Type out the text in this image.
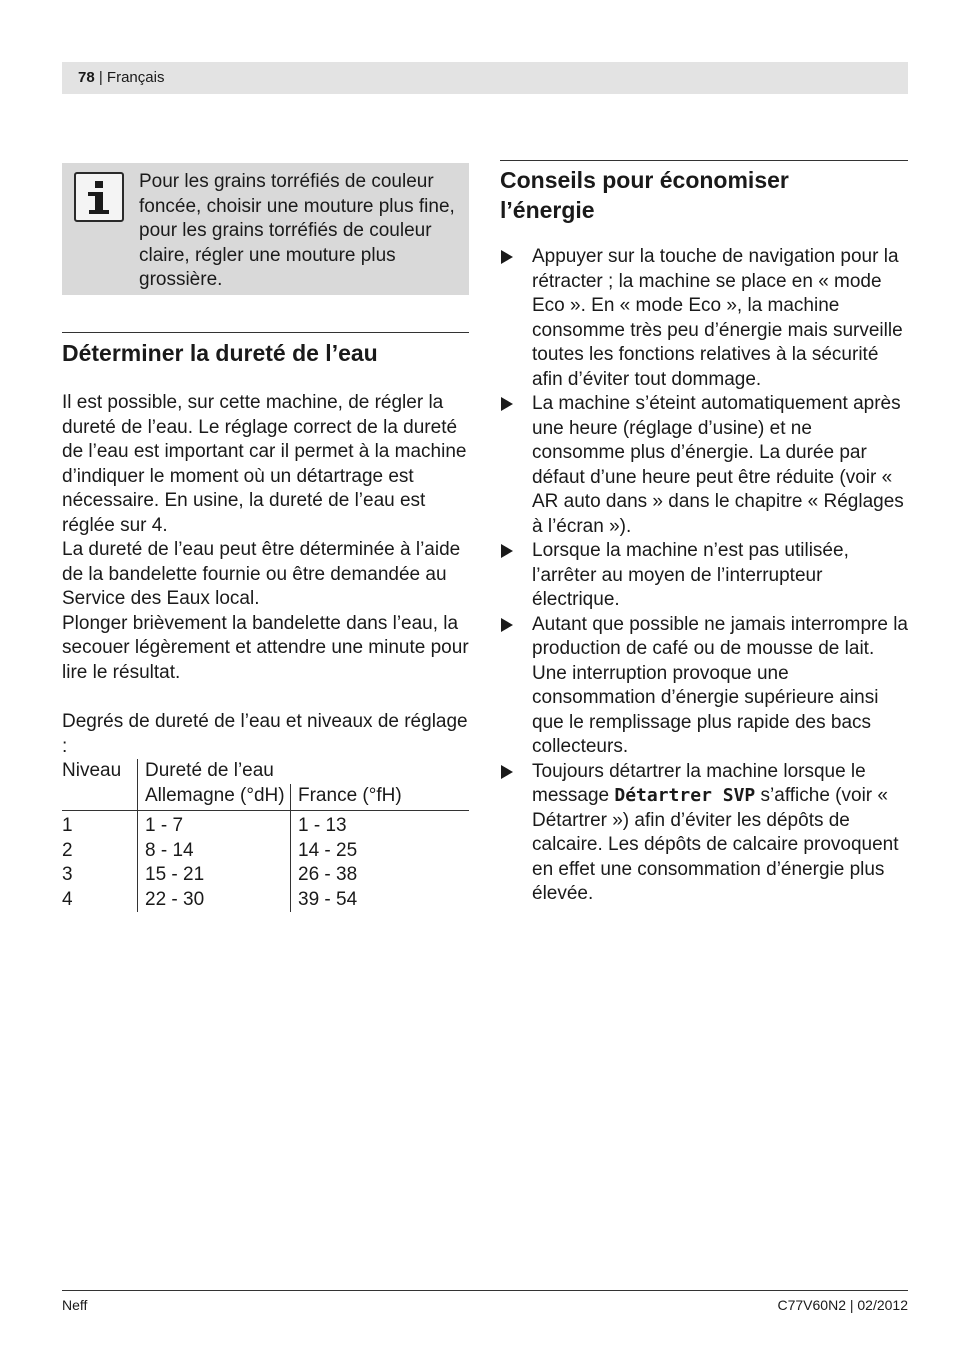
78 | Français
Pour les grains torréfiés de couleur foncée, choisir une mouture plus fine, pour les grains torréfiés de couleur claire, régler une mouture plus grossière.
Déterminer la dureté de l’eau

Il est possible, sur cette machine, de régler la dureté de l’eau. Le réglage correct de la dureté de l’eau est important car il permet à la machine d’indiquer le moment où un détartrage est nécessaire. En usine, la dureté de l’eau est réglée sur 4.

La dureté de l’eau peut être déterminée à l’aide de la bandelette fournie ou être demandée au Service des Eaux local.

Plonger brièvement la bandelette dans l’eau, la secouer légèrement et attendre une minute pour lire le résultat.

Degrés de dureté de l’eau et niveaux de réglage :

Niveau	Dureté de l’eau	
	Allemagne (°dH)	France (°fH)
1	1 - 7	1 - 13
2	8 - 14	14 - 25
3	15 - 21	26 - 38
4	22 - 30	39 - 54
Conseils pour économiser
l’énergie
Appuyer sur la touche de navigation pour la rétracter ; la machine se place en « mode Eco ». En « mode Eco », la machine consomme très peu d’énergie mais surveille toutes les fonctions relatives à la sécurité afin d’éviter tout dommage.
La machine s’éteint automatiquement après une heure (réglage d’usine) et ne consomme plus d’énergie. La durée par défaut d’une heure peut être réduite (voir « AR auto dans » dans le chapitre « Réglages à l’écran »).
Lorsque la machine n’est pas utilisée, l’arrêter au moyen de l’interrupteur électrique.
Autant que possible ne jamais interrompre la production de café ou de mousse de lait. Une interruption provoque une consommation d’énergie supérieure ainsi que le remplissage plus rapide des bacs collecteurs.
Toujours détartrer la machine lorsque le message Détartrer SVP s’affiche (voir « Détartrer ») afin d’éviter les dépôts de calcaire. Les dépôts de calcaire provoquent en effet une consommation d’énergie plus élevée.
Neff	C77V60N2 | 02/2012
